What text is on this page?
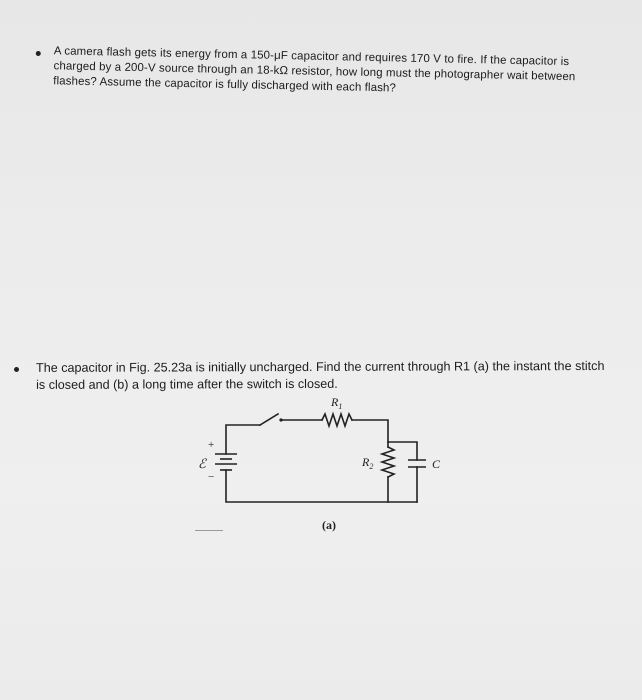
A camera flash gets its energy from a 150-μF capacitor and requires 170 V to fire. If the capacitor is charged by a 200-V source through an 18-kΩ resistor, how long must the photographer wait between flashes? Assume the capacitor is fully discharged with each flash?
The capacitor in Fig. 25.23a is initially uncharged. Find the current through R1 (a) the instant the stitch is closed and (b) a long time after the switch is closed.
$R_1$
$R_2$
+
ℰ
−
C
(a)
